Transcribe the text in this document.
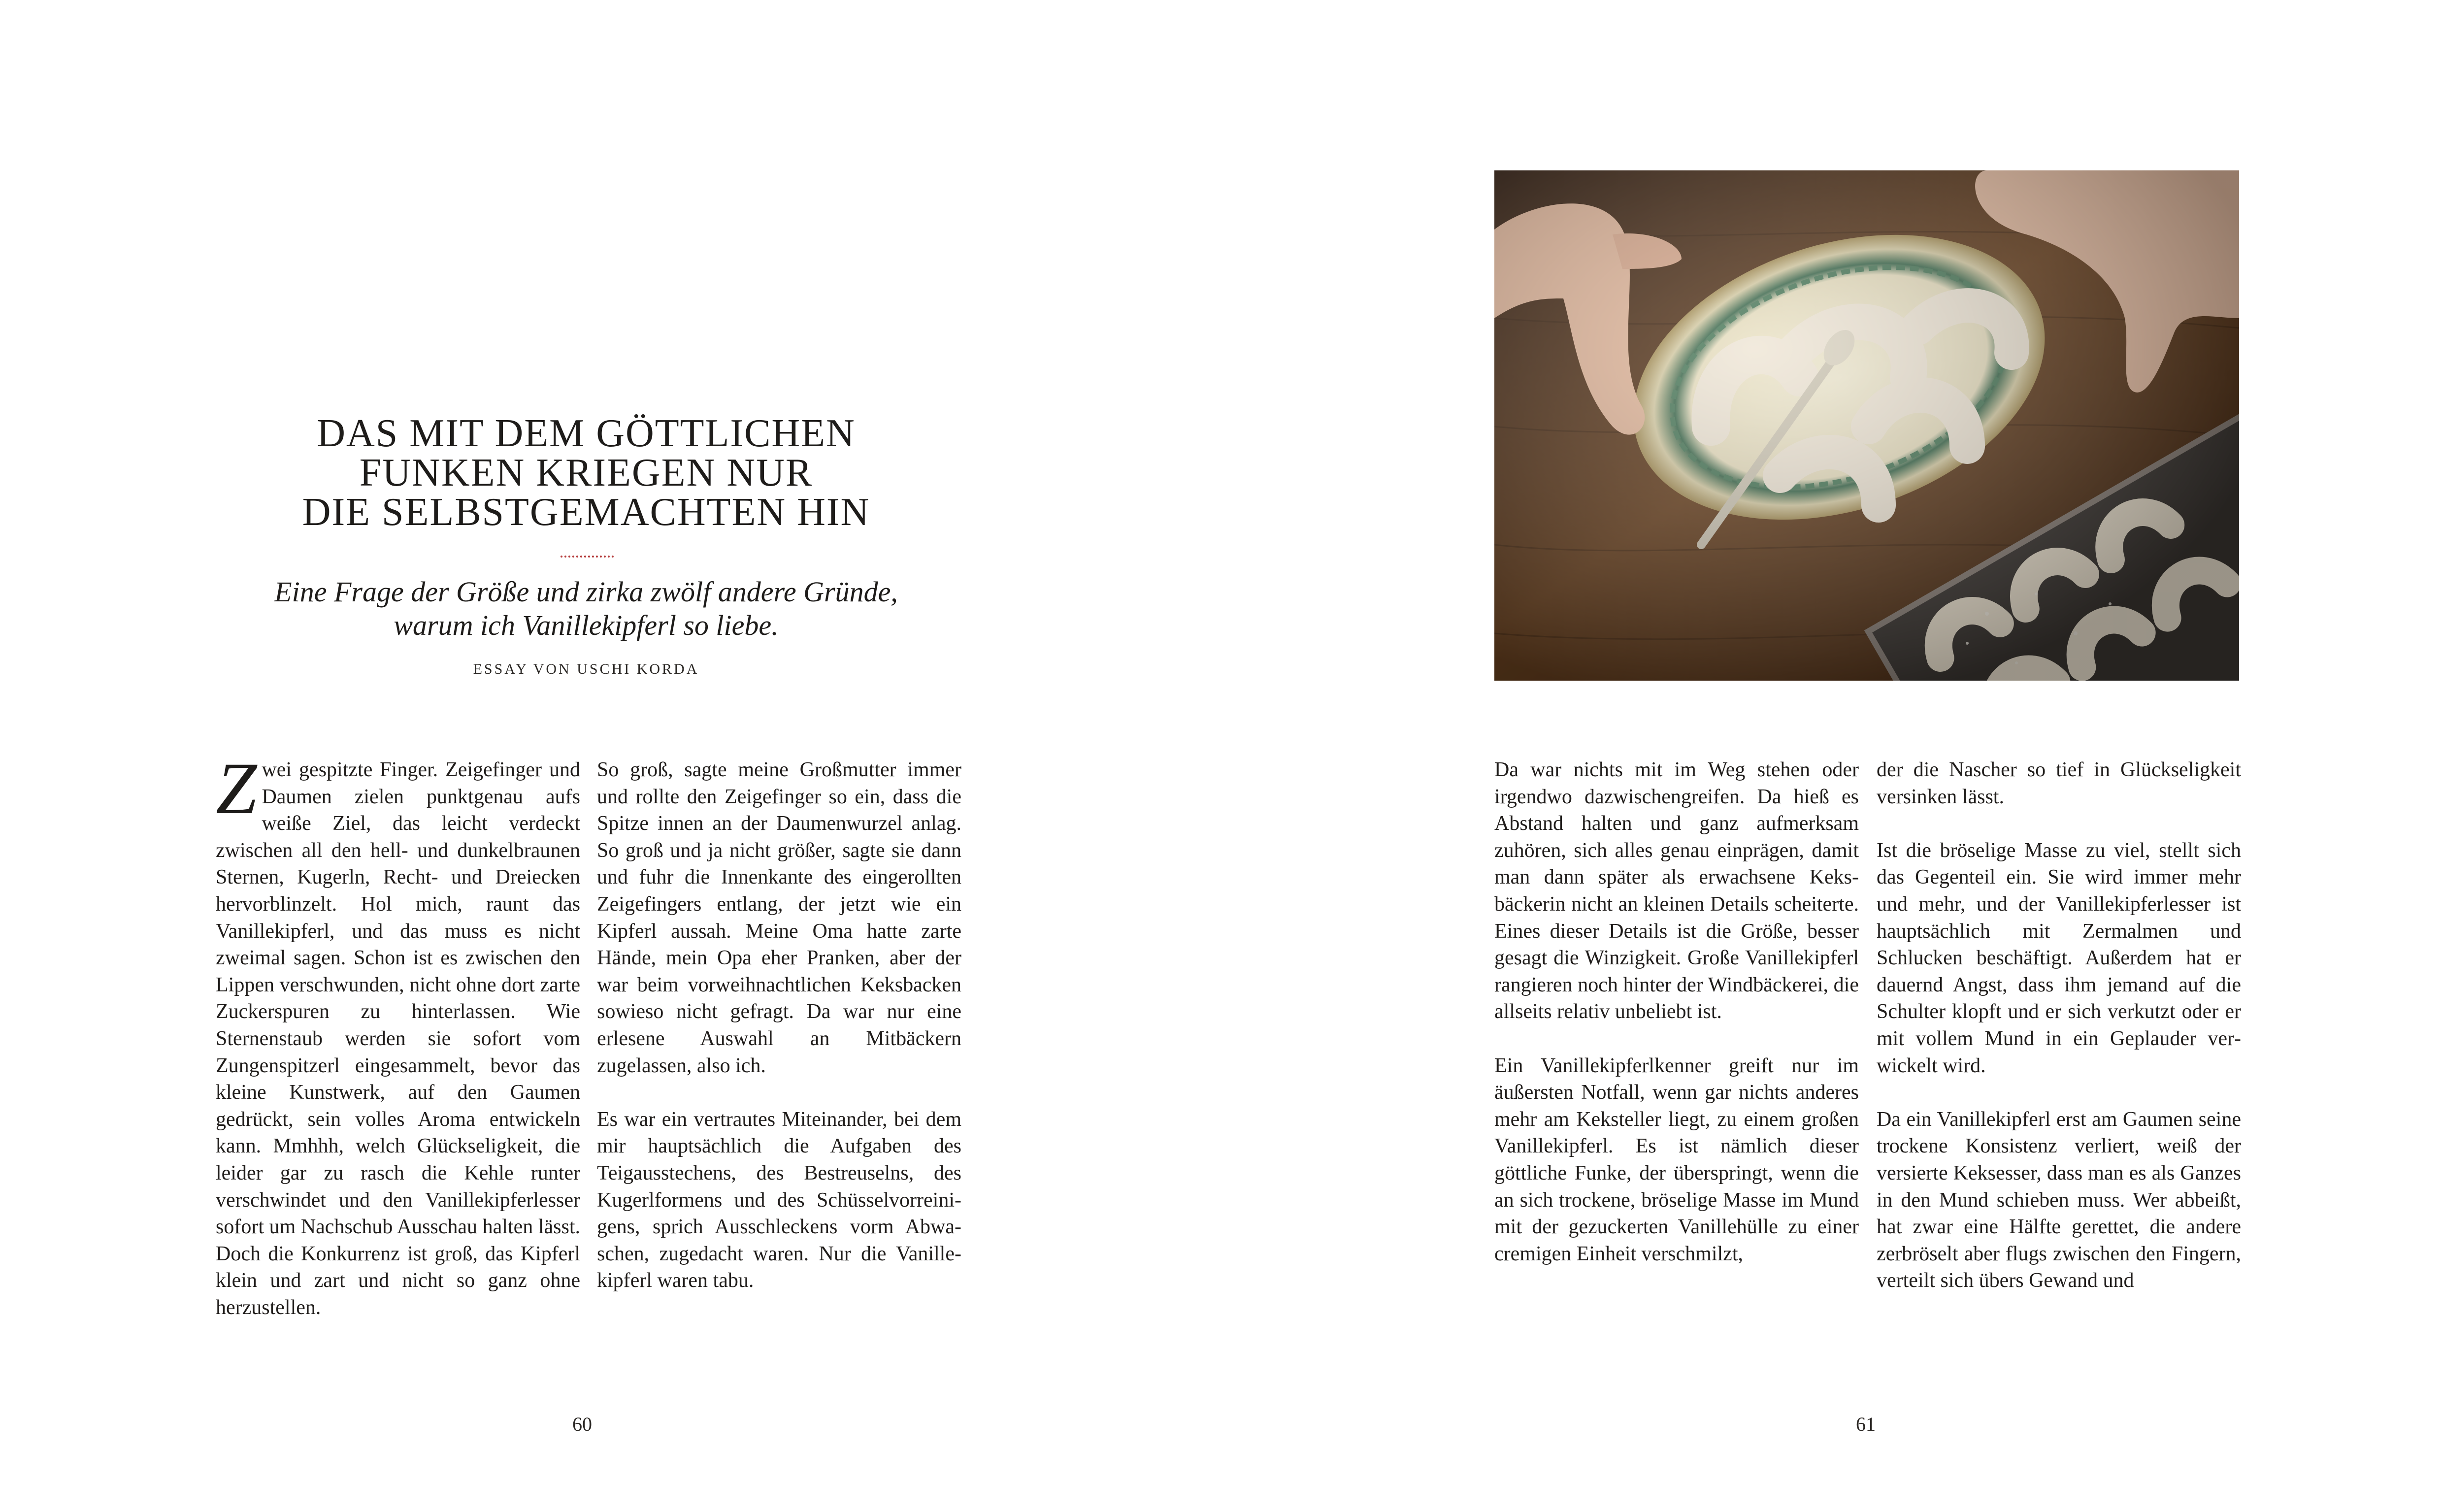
DAS MIT DEM GÖTTLICHEN
FUNKEN KRIEGEN NUR
DIE SELBSTGEMACHTEN HIN

Eine Frage der Größe und zirka zwölf andere Gründe,
warum ich Vanillekipferl so liebe.

ESSAY VON USCHI KORDA

Zwei gespitzte Finger. Zeigefinger und Daumen zielen punktgenau aufs weiße Ziel, das leicht verdeckt zwischen all den hell- und dunkelbraunen Sternen, Kugerln, Recht- und Dreiecken hervorblinzelt. Hol mich, raunt das Vanillekipferl, und das muss es nicht zweimal sagen. Schon ist es zwischen den Lippen verschwunden, nicht ohne dort zarte Zuckerspuren zu hinterlassen. Wie Sternenstaub werden sie sofort vom Zungenspitzerl eingesammelt, bevor das kleine Kunstwerk, auf den Gaumen gedrückt, sein volles Aroma entwickeln kann. Mmhhh, welch Glückseligkeit, die leider gar zu rasch die Kehle runter verschwindet und den Vanillekipferlesser sofort um Nachschub Ausschau halten lässt. Doch die Konkurrenz ist groß, das Kipferl klein und zart und nicht so ganz ohne herzustellen.

So groß, sagte meine Großmutter immer und rollte den Zeigefinger so ein, dass die Spitze innen an der Daumenwurzel anlag. So groß und ja nicht größer, sagte sie dann und fuhr die Innenkante des eingerollten Zeigefingers entlang, der jetzt wie ein Kipferl aussah. Meine Oma hatte zarte Hände, mein Opa eher Pranken, aber der war beim vorweihnachtlichen Keksbacken sowieso nicht gefragt. Da war nur eine erlesene Auswahl an Mitbäckern zugelassen, also ich.

Es war ein vertrautes Miteinander, bei dem mir hauptsächlich die Aufgaben des Teigausstechens, des Bestreuselns, des Kugerlformens und des Schüsselvorreinigens, sprich Ausschleckens vorm Abwaschen, zugedacht waren. Nur die Vanillekipferl waren tabu.

60

Da war nichts mit im Weg stehen oder irgendwo dazwischengreifen. Da hieß es Abstand halten und ganz aufmerksam zuhören, sich alles genau einprägen, damit man dann später als erwachsene Keksbäckerin nicht an kleinen Details scheiterte. Eines dieser Details ist die Größe, besser gesagt die Winzigkeit. Große Vanillekipferl rangieren noch hinter der Windbäckerei, die allseits relativ unbeliebt ist.

Ein Vanillekipferlkenner greift nur im äußersten Notfall, wenn gar nichts anderes mehr am Keksteller liegt, zu einem großen Vanillekipferl. Es ist nämlich dieser göttliche Funke, der überspringt, wenn die an sich trockene, bröselige Masse im Mund mit der gezuckerten Vanillehülle zu einer cremigen Einheit verschmilzt,

der die Nascher so tief in Glückseligkeit versinken lässt.

Ist die bröselige Masse zu viel, stellt sich das Gegenteil ein. Sie wird immer mehr und mehr, und der Vanillekipferlesser ist hauptsächlich mit Zermalmen und Schlucken beschäftigt. Außerdem hat er dauernd Angst, dass ihm jemand auf die Schulter klopft und er sich verkutzt oder er mit vollem Mund in ein Geplauder verwickelt wird.

Da ein Vanillekipferl erst am Gaumen seine trockene Konsistenz verliert, weiß der versierte Keksesser, dass man es als Ganzes in den Mund schieben muss. Wer abbeißt, hat zwar eine Hälfte gerettet, die andere zerbröselt aber flugs zwischen den Fingern, verteilt sich übers Gewand und

61
